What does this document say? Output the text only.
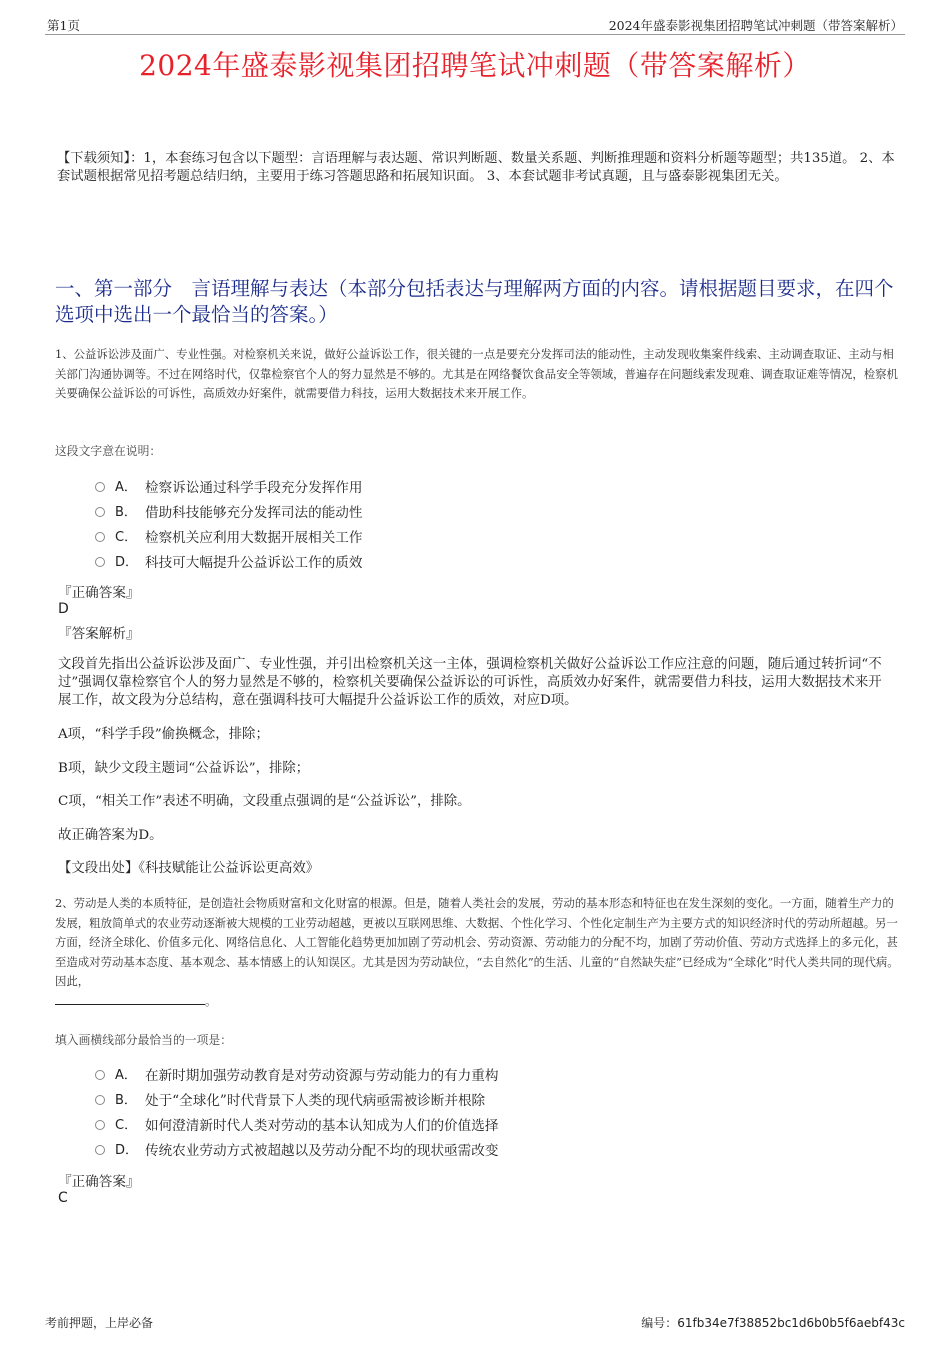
第1页	2024年盛泰影视集团招聘笔试冲刺题（带答案解析）
2024年盛泰影视集团招聘笔试冲刺题（带答案解析）
【下载须知】：1，本套练习包含以下题型：言语理解与表达题、常识判断题、数量关系题、判断推理题和资料分析题等题型；共135道。 2、本套试题根据常见招考题总结归纳，主要用于练习答题思路和拓展知识面。 3、本套试题非考试真题，且与盛泰影视集团无关。
一、第一部分　言语理解与表达（本部分包括表达与理解两方面的内容。请根据题目要求，在四个选项中选出一个最恰当的答案。）
1、公益诉讼涉及面广、专业性强。对检察机关来说，做好公益诉讼工作，很关键的一点是要充分发挥司法的能动性，主动发现收集案件线索、主动调查取证、主动与相关部门沟通协调等。不过在网络时代，仅靠检察官个人的努力显然是不够的。尤其是在网络餐饮食品安全等领域，普遍存在问题线索发现难、调查取证难等情况，检察机关要确保公益诉讼的可诉性，高质效办好案件，就需要借力科技，运用大数据技术来开展工作。
这段文字意在说明：
A． 检察诉讼通过科学手段充分发挥作用
B． 借助科技能够充分发挥司法的能动性
C． 检察机关应利用大数据开展相关工作
D． 科技可大幅提升公益诉讼工作的质效
『正确答案』
D
『答案解析』
文段首先指出公益诉讼涉及面广、专业性强，并引出检察机关这一主体，强调检察机关做好公益诉讼工作应注意的问题，随后通过转折词“不过”强调仅靠检察官个人的努力显然是不够的，检察机关要确保公益诉讼的可诉性，高质效办好案件，就需要借力科技，运用大数据技术来开展工作，故文段为分总结构，意在强调科技可大幅提升公益诉讼工作的质效，对应D项。
A项，“科学手段”偷换概念，排除；
B项，缺少文段主题词“公益诉讼”，排除；
C项，“相关工作”表述不明确，文段重点强调的是“公益诉讼”，排除。
故正确答案为D。
【文段出处】《科技赋能让公益诉讼更高效》
2、劳动是人类的本质特征，是创造社会物质财富和文化财富的根源。但是，随着人类社会的发展，劳动的基本形态和特征也在发生深刻的变化。一方面，随着生产力的发展，粗放简单式的农业劳动逐渐被大规模的工业劳动超越，更被以互联网思维、大数据、个性化学习、个性化定制生产为主要方式的知识经济时代的劳动所超越。另一方面，经济全球化、价值多元化、网络信息化、人工智能化趋势更加加剧了劳动机会、劳动资源、劳动能力的分配不均，加剧了劳动价值、劳动方式选择上的多元化，甚至造成对劳动基本态度、基本观念、基本情感上的认知误区。尤其是因为劳动缺位，“去自然化”的生活、儿童的“自然缺失症”已经成为“全球化”时代人类共同的现代病。因此，
。
填入画横线部分最恰当的一项是：
A． 在新时期加强劳动教育是对劳动资源与劳动能力的有力重构
B． 处于“全球化”时代背景下人类的现代病亟需被诊断并根除
C． 如何澄清新时代人类对劳动的基本认知成为人们的价值选择
D． 传统农业劳动方式被超越以及劳动分配不均的现状亟需改变
『正确答案』
C
考前押题，上岸必备	编号：61fb34e7f38852bc1d6b0b5f6aebf43c
